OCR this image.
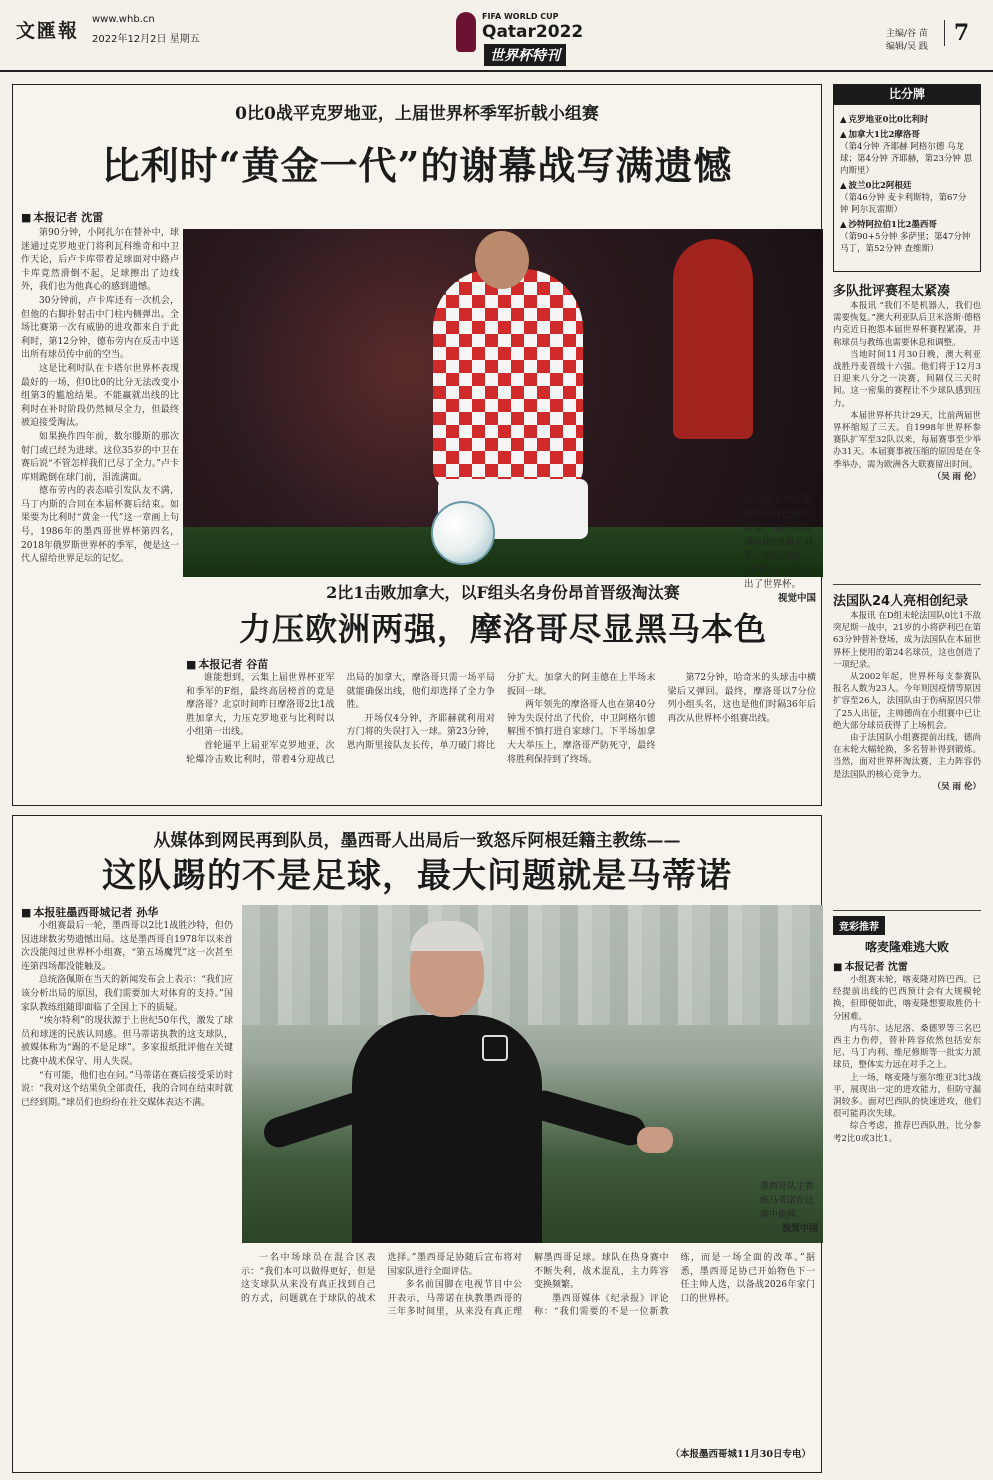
文匯報
www.whb.cn
2022年12月2日 星期五
FIFA WORLD CUP
Qatar2022
世界杯特刊
主编/谷 苗
编辑/吴 践
7
0比0战平克罗地亚，上届世界杯季军折戟小组赛
比利时“黄金一代”的谢幕战写满遗憾
■ 本报记者 沈雷

第90分钟，小阿扎尔在替补中，球迷通过克罗地亚门将利瓦科维奇和中卫作天论，后卢卡库带着足球面对中路卢卡库竟然滑倒不起，足球擦出了边线外，我们也为他真心的感到遗憾。

30分钟前，卢卡库还有一次机会，但他的右脚扑射击中门柱内侧弹出。全场比赛第一次有威胁的进攻都来自于此利时，第12分钟，德布劳内在反击中送出所有球员传中前的空当。

这是比利时队在卡塔尔世界杯表现最好的一场，但0比0的比分无法改变小组第3的尴尬结果。不能赢就出线的比利时在补时阶段仍然倾尽全力，但最终被迫接受淘汰。

如果换作四年前，数尔滕斯的那次射门或已经为进球。这位35岁的中卫在赛后说“不管怎样我们已尽了全力。”卢卡库则跪倒在球门前，泪流满面。

德布劳内的表态暗引发队友不满，马丁内斯的合同在本届杯赛后结束。如果要为比利时“黄金一代”这一章画上句号，1986年的墨西哥世界杯第四名，2018年俄罗斯世界杯的季军，便是这一代人留给世界足坛的记忆。

克罗地亚中场莫德里奇在比赛中带球，他所在的球队0比0逼平对手，将比利时的“黄金一代”送出了世界杯。
视觉中国
2比1击败加拿大，以F组头名身份昂首晋级淘汰赛
力压欧洲两强，摩洛哥尽显黑马本色
■ 本报记者 谷苗

谁能想到，云集上届世界杯亚军和季军的F组，最终高居榜首的竟是摩洛哥？北京时间昨日摩洛哥2比1战胜加拿大，力压克罗地亚与比利时以小组第一出线。

首轮逼平上届亚军克罗地亚，次轮爆冷击败比利时，带着4分迎战已出局的加拿大，摩洛哥只需一场平局就能确保出线，他们却选择了全力争胜。

开场仅4分钟，齐耶赫就利用对方门将的失误打入一球。第23分钟，恩内斯里接队友长传，单刀破门将比分扩大。加拿大的阿圭德在上半场末扳回一球。

两年领先的摩洛哥人也在第40分钟为失误付出了代价，中卫阿格尔德解围不慎打进自家球门。下半场加拿大大举压上，摩洛哥严防死守，最终将胜利保持到了终场。

第72分钟，哈奇米的头球击中横梁后又弹回。最终，摩洛哥以7分位列小组头名，这也是他们时隔36年后再次从世界杯小组赛出线。

从媒体到网民再到队员，墨西哥人出局后一致怒斥阿根廷籍主教练——
这队踢的不是足球，最大问题就是马蒂诺
■ 本报驻墨西哥城记者 孙华

小组赛最后一轮，墨西哥以2比1战胜沙特，但仍因进球数劣势遗憾出局。这是墨西哥自1978年以来首次没能闯过世界杯小组赛，“第五场魔咒”这一次甚至连第四场都没能触及。

总统洛佩斯在当天的新闻发布会上表示：“我们应该分析出局的原因，我们需要加大对体育的支持。”国家队教练组随即面临了全国上下的质疑。

“埃尔特利”的现状源于上世纪50年代，激发了球员和球迷的民族认同感。但马蒂诺执教的这支球队，被媒体称为“踢的不是足球”。多家报纸批评他在关键比赛中战术保守、用人失误。

“有可能，他们也在问。”马蒂诺在赛后接受采访时说：“我对这个结果负全部责任，我的合同在结束时就已经到期。”球员们也纷纷在社交媒体表达不满。

一名中场球员在混合区表示：“我们本可以做得更好，但是这支球队从来没有真正找到自己的方式，问题就在于球队的战术选择。”墨西哥足协随后宣布将对国家队进行全面评估。

多名前国脚在电视节目中公开表示，马蒂诺在执教墨西哥的三年多时间里，从来没有真正理解墨西哥足球。球队在热身赛中不断失利，战术混乱，主力阵容变换频繁。

墨西哥媒体《纪录报》评论称：“我们需要的不是一位新教练，而是一场全面的改革。”据悉，墨西哥足协已开始物色下一任主帅人选，以备战2026年家门口的世界杯。

（本报墨西哥城11月30日专电）
墨西哥队主教练马蒂诺在比赛中指挥。
视觉中国
比分牌
▲ 克罗地亚0比0比利时
▲ 加拿大1比2摩洛哥
（第4分钟 齐耶赫 阿格尔德 乌龙球；第4分钟 齐耶赫，第23分钟 恩内斯里）
▲ 波兰0比2阿根廷
（第46分钟 麦卡利斯特，第67分钟 阿尔瓦雷斯）
▲ 沙特阿拉伯1比2墨西哥
（第90+5分钟 多萨里；第47分钟 马丁，第52分钟 查维斯）
多队批评赛程太紧凑

本报讯 “我们不是机器人，我们也需要恢复。”澳大利亚队后卫米洛斯·德格内克近日抱怨本届世界杯赛程紧凑，并称球员与教练也需要休息和调整。

当地时间11月30日晚，澳大利亚战胜丹麦晋级十六强。他们将于12月3日迎来八分之一决赛，间隔仅三天时间。这一密集的赛程让不少球队感到压力。

本届世界杯共计29天，比前两届世界杯缩短了三天。自1998年世界杯参赛队扩军至32队以来，每届赛事至少举办31天。本届赛事被压缩的原因是在冬季举办，需为欧洲各大联赛留出时间。

（吴 雨 伦）
法国队24人亮相创纪录

本报讯 在D组末轮法国队0比1不敌突尼斯一战中，21岁的小将萨利巴在第63分钟替补登场，成为法国队在本届世界杯上使用的第24名球员，这也创造了一项纪录。

从2002年起，世界杯每支参赛队报名人数为23人。今年则因疫情等原因扩容至26人，法国队由于伤病原因只带了25人出征，主帅德尚在小组赛中已让绝大部分球员获得了上场机会。

由于法国队小组赛提前出线，德尚在末轮大幅轮换，多名替补得到锻炼。当然，面对世界杯淘汰赛，主力阵容仍是法国队的核心竞争力。

（吴 雨 伦）
竞彩推荐
喀麦隆难逃大败
■ 本报记者 沈雷

小组赛末轮，喀麦隆对阵巴西。已经提前出线的巴西预计会有大规模轮换，但即便如此，喀麦隆想要取胜仍十分困难。

内马尔、达尼洛、桑德罗等三名巴西主力伤停，替补阵容依然包括安东尼、马丁内利、维尼修斯等一批实力派球员，整体实力远在对手之上。

上一场，喀麦隆与塞尔维亚3比3战平，展现出一定的进攻能力，但防守漏洞较多。面对巴西队的快速进攻，他们很可能再次失球。

综合考虑，推荐巴西队胜，比分参考2比0或3比1。
